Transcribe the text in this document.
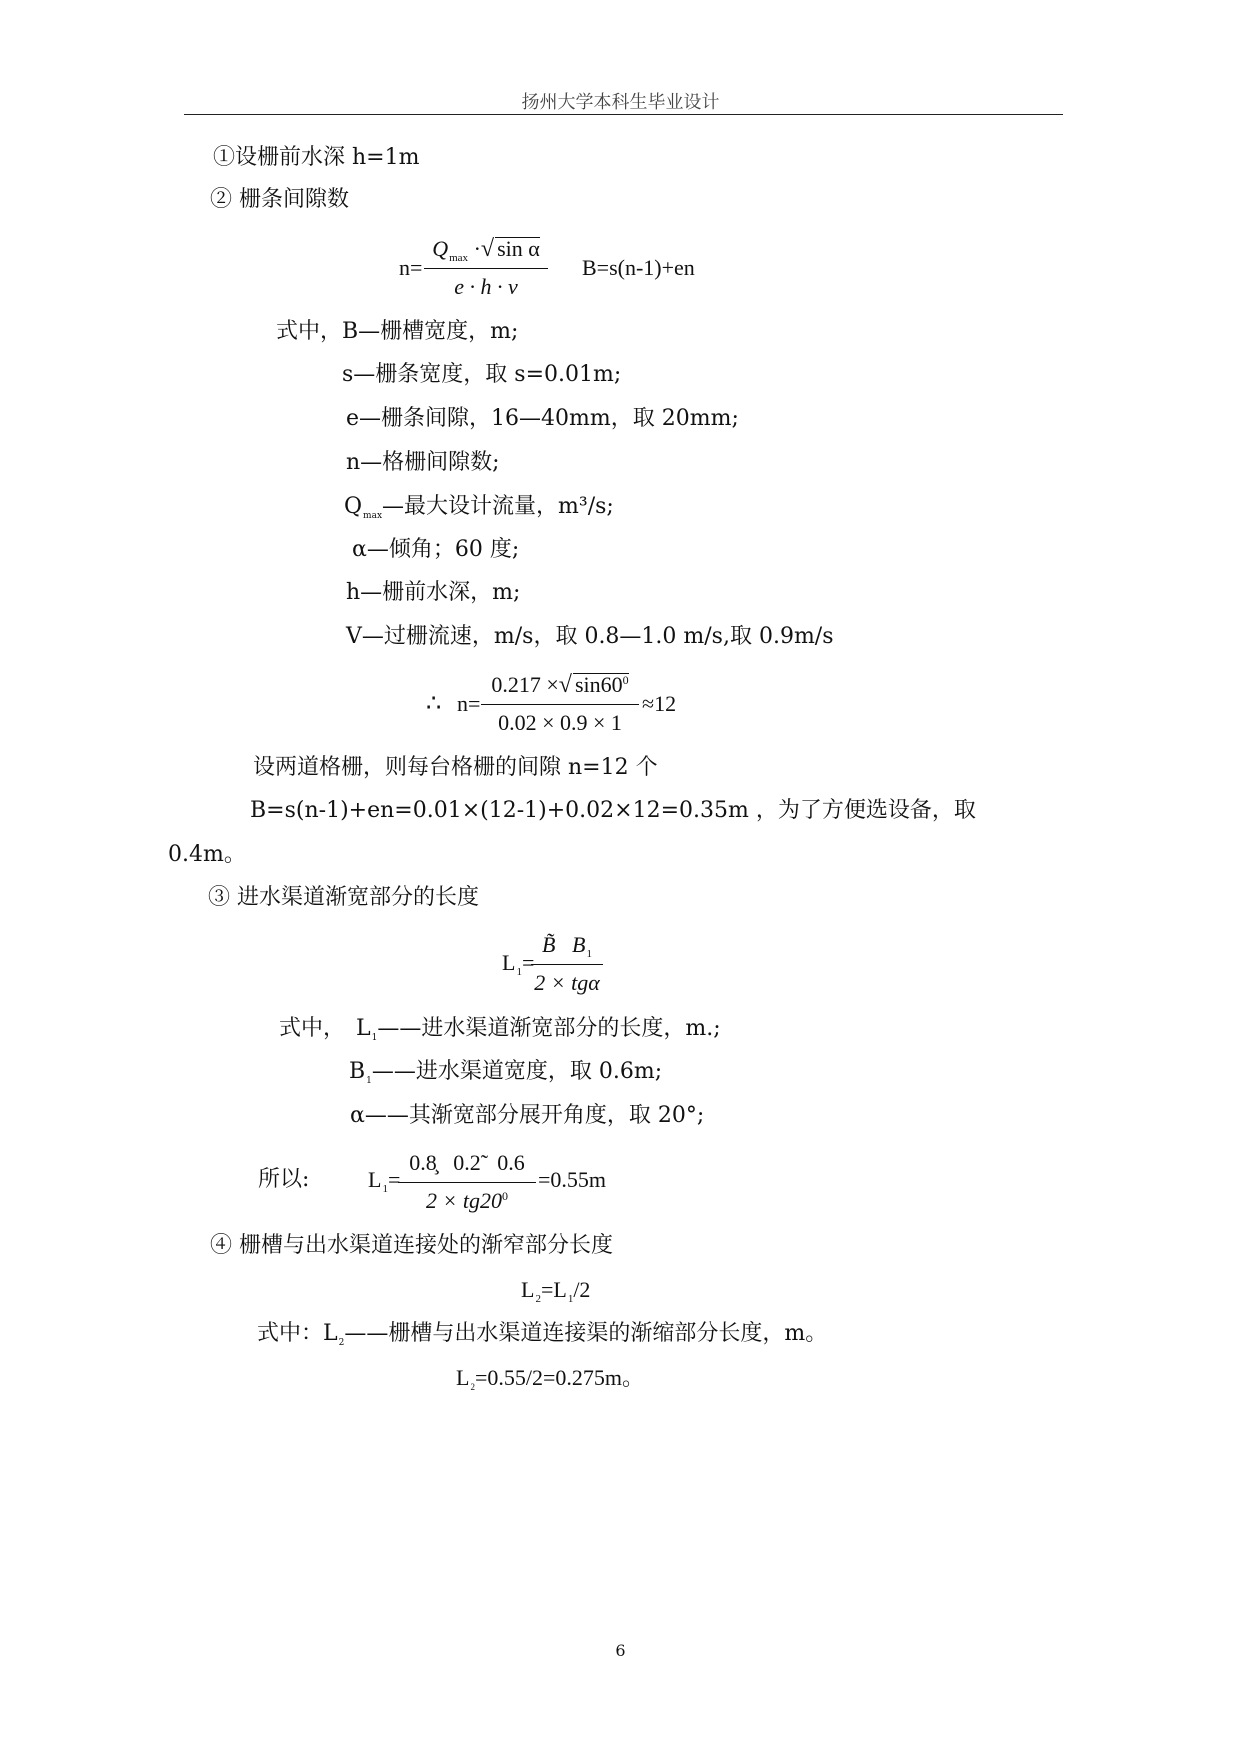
扬州大学本科生毕业设计
①设栅前水深 h=1m
② 栅条间隙数
n=
$Q_{max}$ ·√ sin α
e · h · v
B=s(n-1)+en
式中，B—栅槽宽度，m;
s—栅条宽度，取 s=0.01m;
e—栅条间隙，16—40mm，取 20mm;
n—格栅间隙数;
$Q_{max}—$最大设计流量，m³/s;
α—倾角；60 度;
h—栅前水深，m;
V—过栅流速，m/s，取 0.8—1.0 m/s,取 0.9m/s
∴ n=
0.217 ×√ $\sin 60^0$
0.02 × 0.9 × 1
≈12
设两道格栅，则每台格栅的间隙 n=12 个
B=s(n-1)+en=0.01×(12-1)+0.02×12=0.35m ，为了方便选设备，取
0.4m。
③ 进水渠道渐宽部分的长度
$L_1=$
B̃ $B_1$
2 × tgα
式中， $L_1——$进水渠道渐宽部分的长度，m.;
$B_1——$进水渠道宽度，取 0.6m;
α——其渐宽部分展开角度，取 20°;
所以:	$L_1=$
0.8̧   0.2̃   0.6
$2 \times tg20^0$
=0.55m
④ 栅槽与出水渠道连接处的渐窄部分长度
$L_2=L_1/2$
式中：$L_2——$栅槽与出水渠道连接渠的渐缩部分长度，m。
$L_2=0.55/2=0.275m$。
6
